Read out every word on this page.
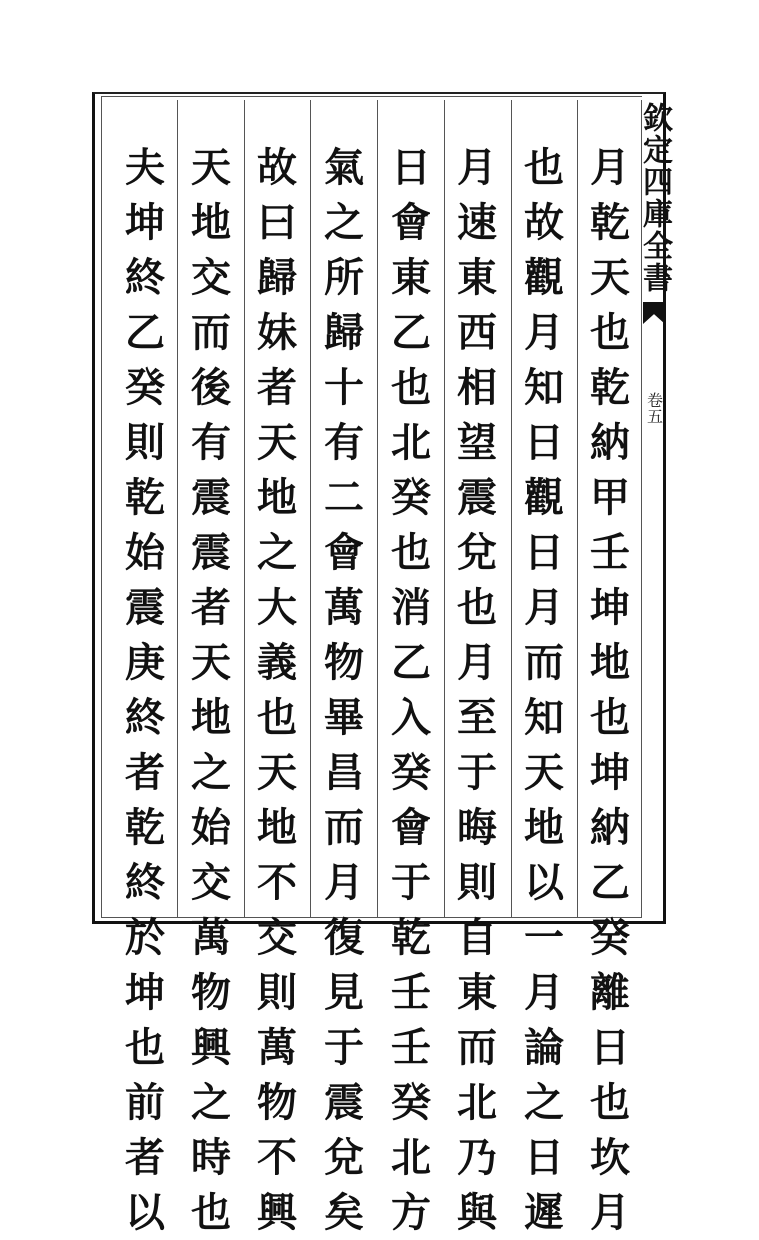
欽定四庫全書
卷五
月
乾
天
也
乾
納
甲
壬
坤
地
也
坤
納
乙
癸
離
日
也
坎
月
也
故
觀
月
知
日
觀
日
月
而
知
天
地
以
一
月
論
之
日
遲
月
速
東
西
相
望
震
兌
也
月
至
于
晦
則
自
東
而
北
乃
與
日
會
東
乙
也
北
癸
也
消
乙
入
癸
會
于
乾
壬
壬
癸
北
方
氣
之
所
歸
十
有
二
會
萬
物
畢
昌
而
月
復
見
于
震
兌
矣
故
曰
歸
妹
者
天
地
之
大
義
也
天
地
不
交
則
萬
物
不
興
天
地
交
而
後
有
震
震
者
天
地
之
始
交
萬
物
興
之
時
也
夫
坤
終
乙
癸
則
乾
始
震
庚
終
者
乾
終
於
坤
也
前
者
以
